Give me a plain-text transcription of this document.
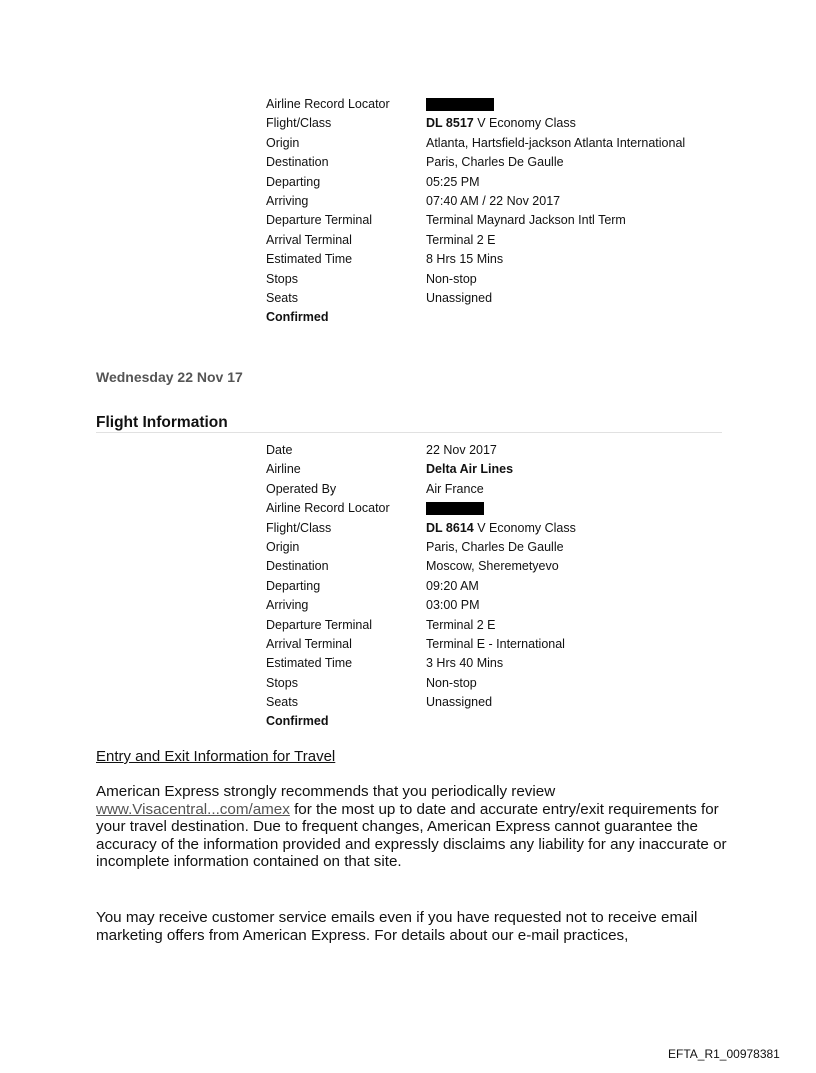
Airline Record Locator
Flight/Class	DL 8517 V Economy Class
Origin	Atlanta, Hartsfield-jackson Atlanta International
Destination	Paris, Charles De Gaulle
Departing	05:25 PM
Arriving	07:40 AM / 22 Nov 2017
Departure Terminal	Terminal Maynard Jackson Intl Term
Arrival Terminal	Terminal 2 E
Estimated Time	8 Hrs 15 Mins
Stops	Non-stop
Seats	Unassigned
Confirmed
Wednesday 22 Nov 17
Flight Information
Date	22 Nov 2017
Airline	Delta Air Lines
Operated By	Air France
Airline Record Locator
Flight/Class	DL 8614 V Economy Class
Origin	Paris, Charles De Gaulle
Destination	Moscow, Sheremetyevo
Departing	09:20 AM
Arriving	03:00 PM
Departure Terminal	Terminal 2 E
Arrival Terminal	Terminal E - International
Estimated Time	3 Hrs 40 Mins
Stops	Non-stop
Seats	Unassigned
Confirmed
Entry and Exit Information for Travel
American Express strongly recommends that you periodically review www.Visacentral...com/amex for the most up to date and accurate entry/exit requirements for your travel destination. Due to frequent changes, American Express cannot guarantee the accuracy of the information provided and expressly disclaims any liability for any inaccurate or incomplete information contained on that site.
You may receive customer service emails even if you have requested not to receive email marketing offers from American Express. For details about our e-mail practices,
EFTA_R1_00978381
